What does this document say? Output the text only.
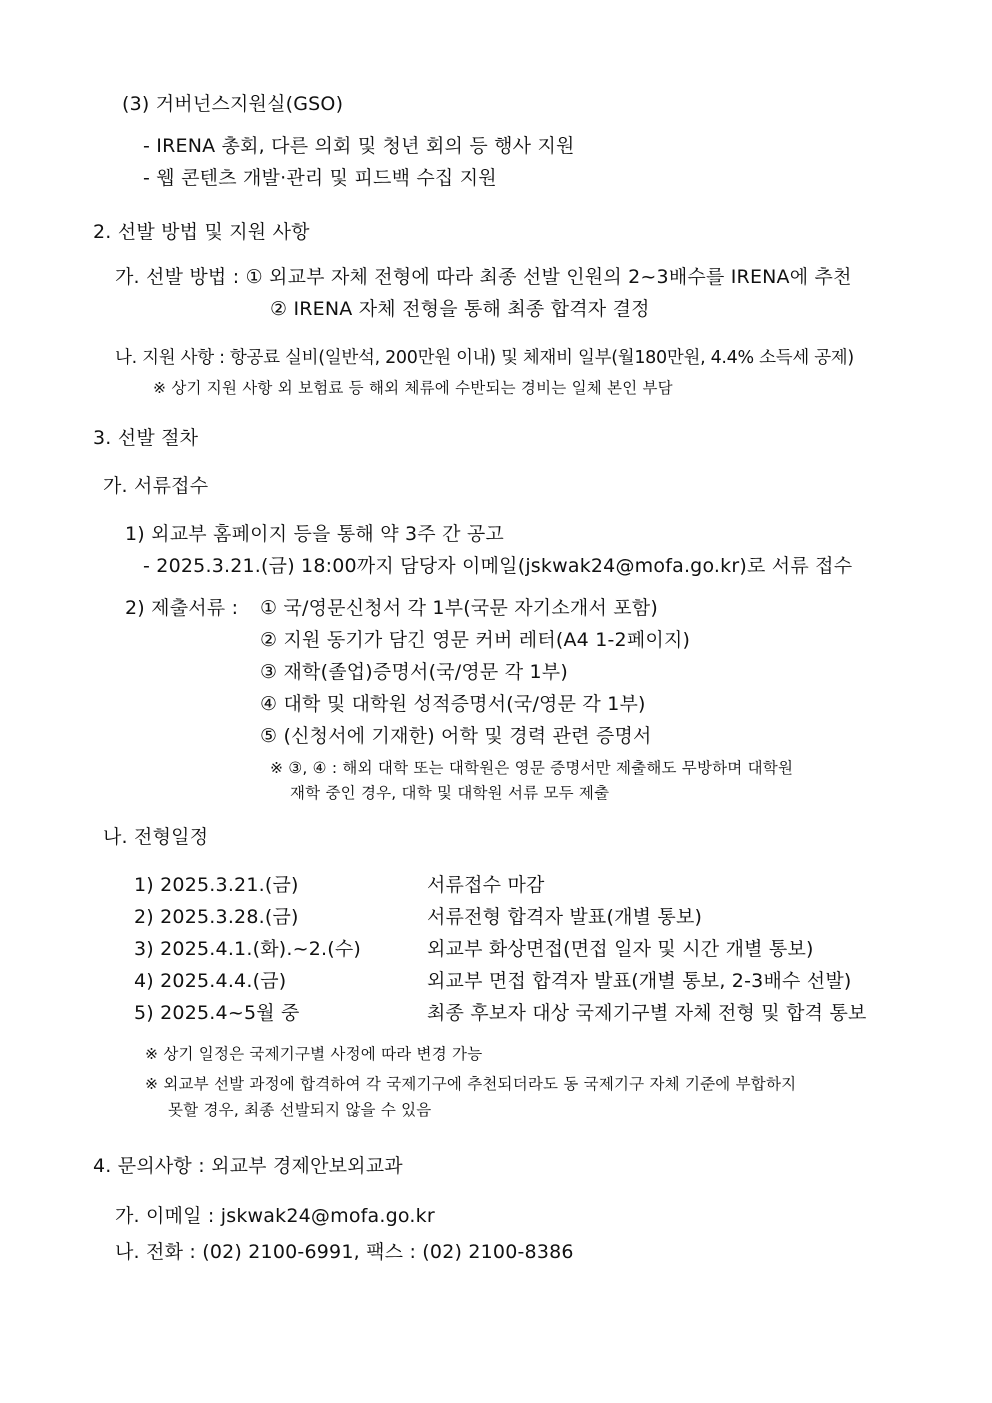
(3) 거버넌스지원실(GSO)
- IRENA 총회, 다른 의회 및 청년 회의 등 행사 지원
- 웹 콘텐츠 개발·관리 및 피드백 수집 지원
2. 선발 방법 및 지원 사항
가. 선발 방법 : ① 외교부 자체 전형에 따라 최종 선발 인원의 2~3배수를 IRENA에 추천
② IRENA 자체 전형을 통해 최종 합격자 결정
나. 지원 사항 : 항공료 실비(일반석, 200만원 이내) 및 체재비 일부(월180만원, 4.4% 소득세 공제)
※ 상기 지원 사항 외 보험료 등 해외 체류에 수반되는 경비는 일체 본인 부담
3. 선발 절차
가. 서류접수
1) 외교부 홈페이지 등을 통해 약 3주 간 공고
- 2025.3.21.(금) 18:00까지 담당자 이메일(jskwak24@mofa.go.kr)로 서류 접수
2) 제출서류 : ① 국/영문신청서 각 1부(국문 자기소개서 포함)
② 지원 동기가 담긴 영문 커버 레터(A4 1-2페이지)
③ 재학(졸업)증명서(국/영문 각 1부)
④ 대학 및 대학원 성적증명서(국/영문 각 1부)
⑤ (신청서에 기재한) 어학 및 경력 관련 증명서
※ ③, ④ : 해외 대학 또는 대학원은 영문 증명서만 제출해도 무방하며 대학원
재학 중인 경우, 대학 및 대학원 서류 모두 제출
나. 전형일정
1) 2025.3.21.(금)	서류접수 마감
2) 2025.3.28.(금)	서류전형 합격자 발표(개별 통보)
3) 2025.4.1.(화).~2.(수)	외교부 화상면접(면접 일자 및 시간 개별 통보)
4) 2025.4.4.(금)	외교부 면접 합격자 발표(개별 통보, 2-3배수 선발)
5) 2025.4~5월 중	최종 후보자 대상 국제기구별 자체 전형 및 합격 통보
※ 상기 일정은 국제기구별 사정에 따라 변경 가능
※ 외교부 선발 과정에 합격하여 각 국제기구에 추천되더라도 동 국제기구 자체 기준에 부합하지
못할 경우, 최종 선발되지 않을 수 있음
4. 문의사항 : 외교부 경제안보외교과
가. 이메일 : jskwak24@mofa.go.kr
나. 전화 : (02) 2100-6991, 팩스 : (02) 2100-8386
